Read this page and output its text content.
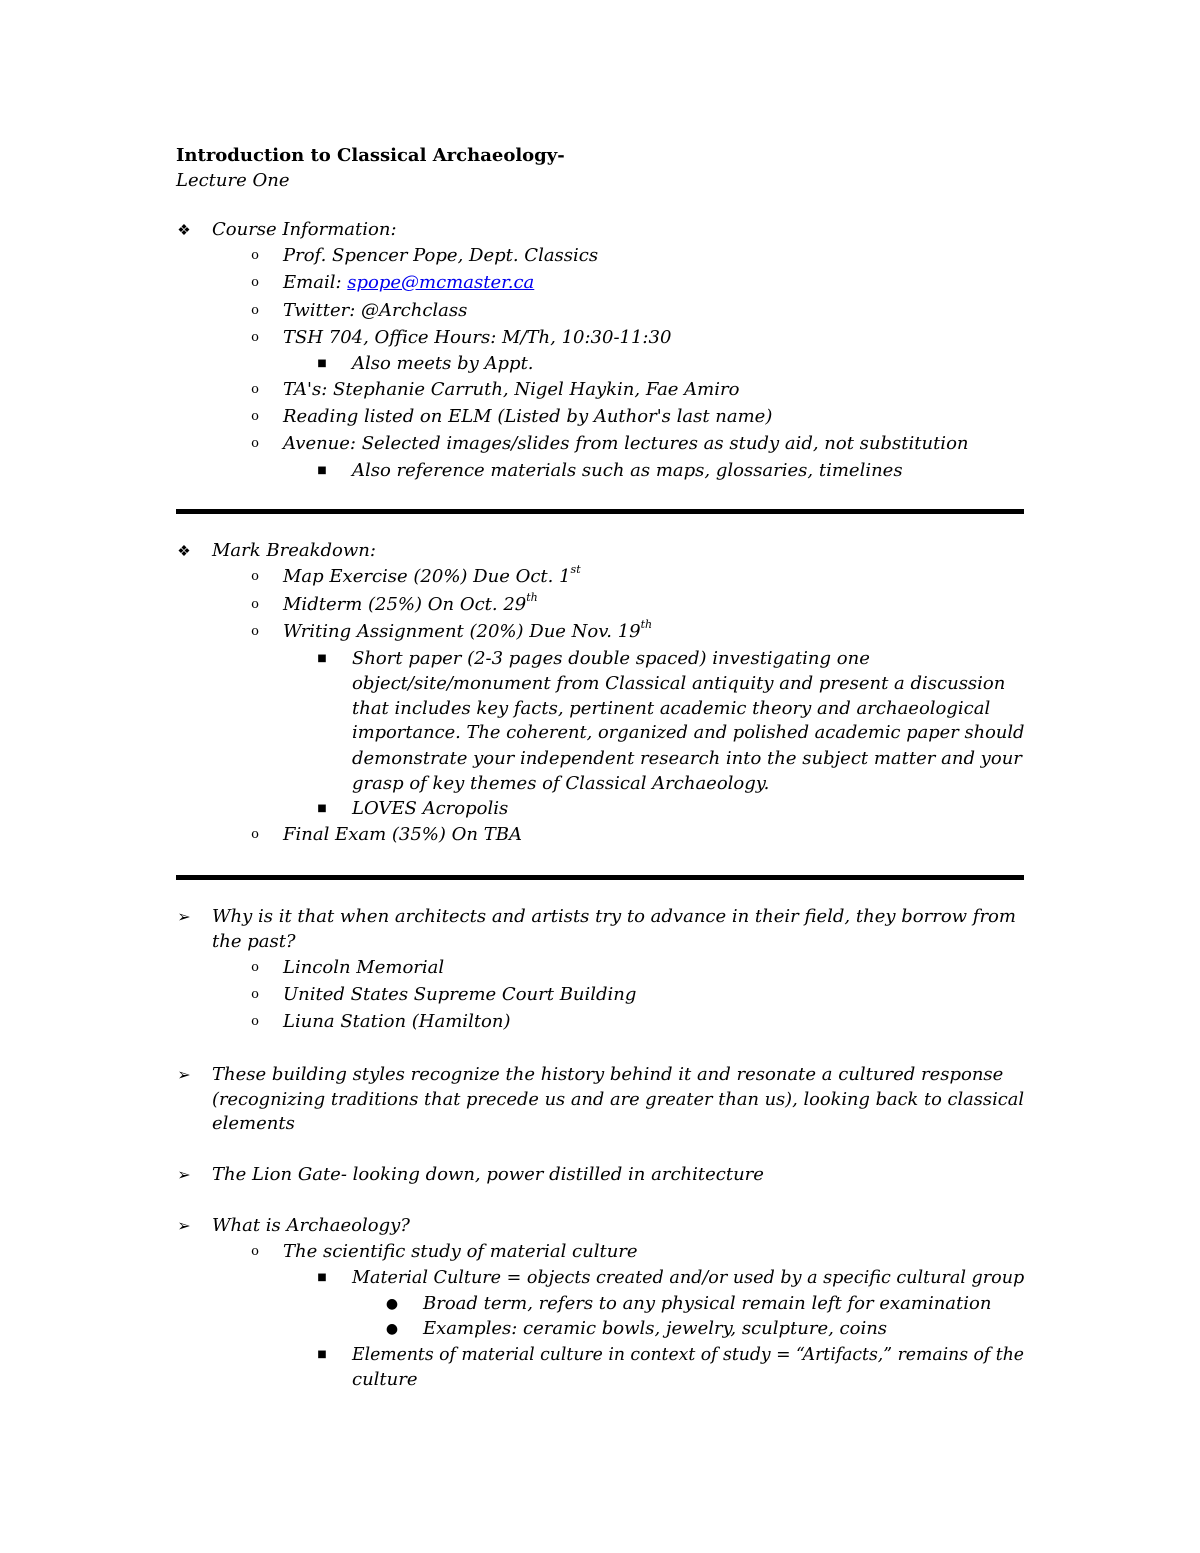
Introduction to Classical Archaeology-
Lecture One
❖ Course Information:
o	Prof. Spencer Pope, Dept. Classics
o	Email: spope@mcmaster.ca
o	Twitter: @Archclass
o	TSH 704, Office Hours: M/Th, 10:30-11:30
■ Also meets by Appt.
o	TA's: Stephanie Carruth, Nigel Haykin, Fae Amiro
o	Reading listed on ELM (Listed by Author's last name)
o	Avenue: Selected images/slides from lectures as study aid, not substitution
■ Also reference materials such as maps, glossaries, timelines
❖ Mark Breakdown:
o	Map Exercise (20%) Due Oct. 1st
o	Midterm (25%) On Oct. 29th
o	Writing Assignment (20%) Due Nov. 19th
■ Short paper (2-3 pages double spaced) investigating one
object/site/monument from Classical antiquity and present a discussion
that includes key facts, pertinent academic theory and archaeological
importance. The coherent, organized and polished academic paper should
demonstrate your independent research into the subject matter and your
grasp of key themes of Classical Archaeology.
■ LOVES Acropolis
o	Final Exam (35%) On TBA
➢ Why is it that when architects and artists try to advance in their field, they borrow from
the past?
o	Lincoln Memorial
o	United States Supreme Court Building
o	Liuna Station (Hamilton)
➢ These building styles recognize the history behind it and resonate a cultured response
(recognizing traditions that precede us and are greater than us), looking back to classical
elements
➢ The Lion Gate- looking down, power distilled in architecture
➢ What is Archaeology?
o	The scientific study of material culture
■ Material Culture = objects created and/or used by a specific cultural group
● Broad term, refers to any physical remain left for examination
● Examples: ceramic bowls, jewelry, sculpture, coins
■ Elements of material culture in context of study = “Artifacts,” remains of the
culture
